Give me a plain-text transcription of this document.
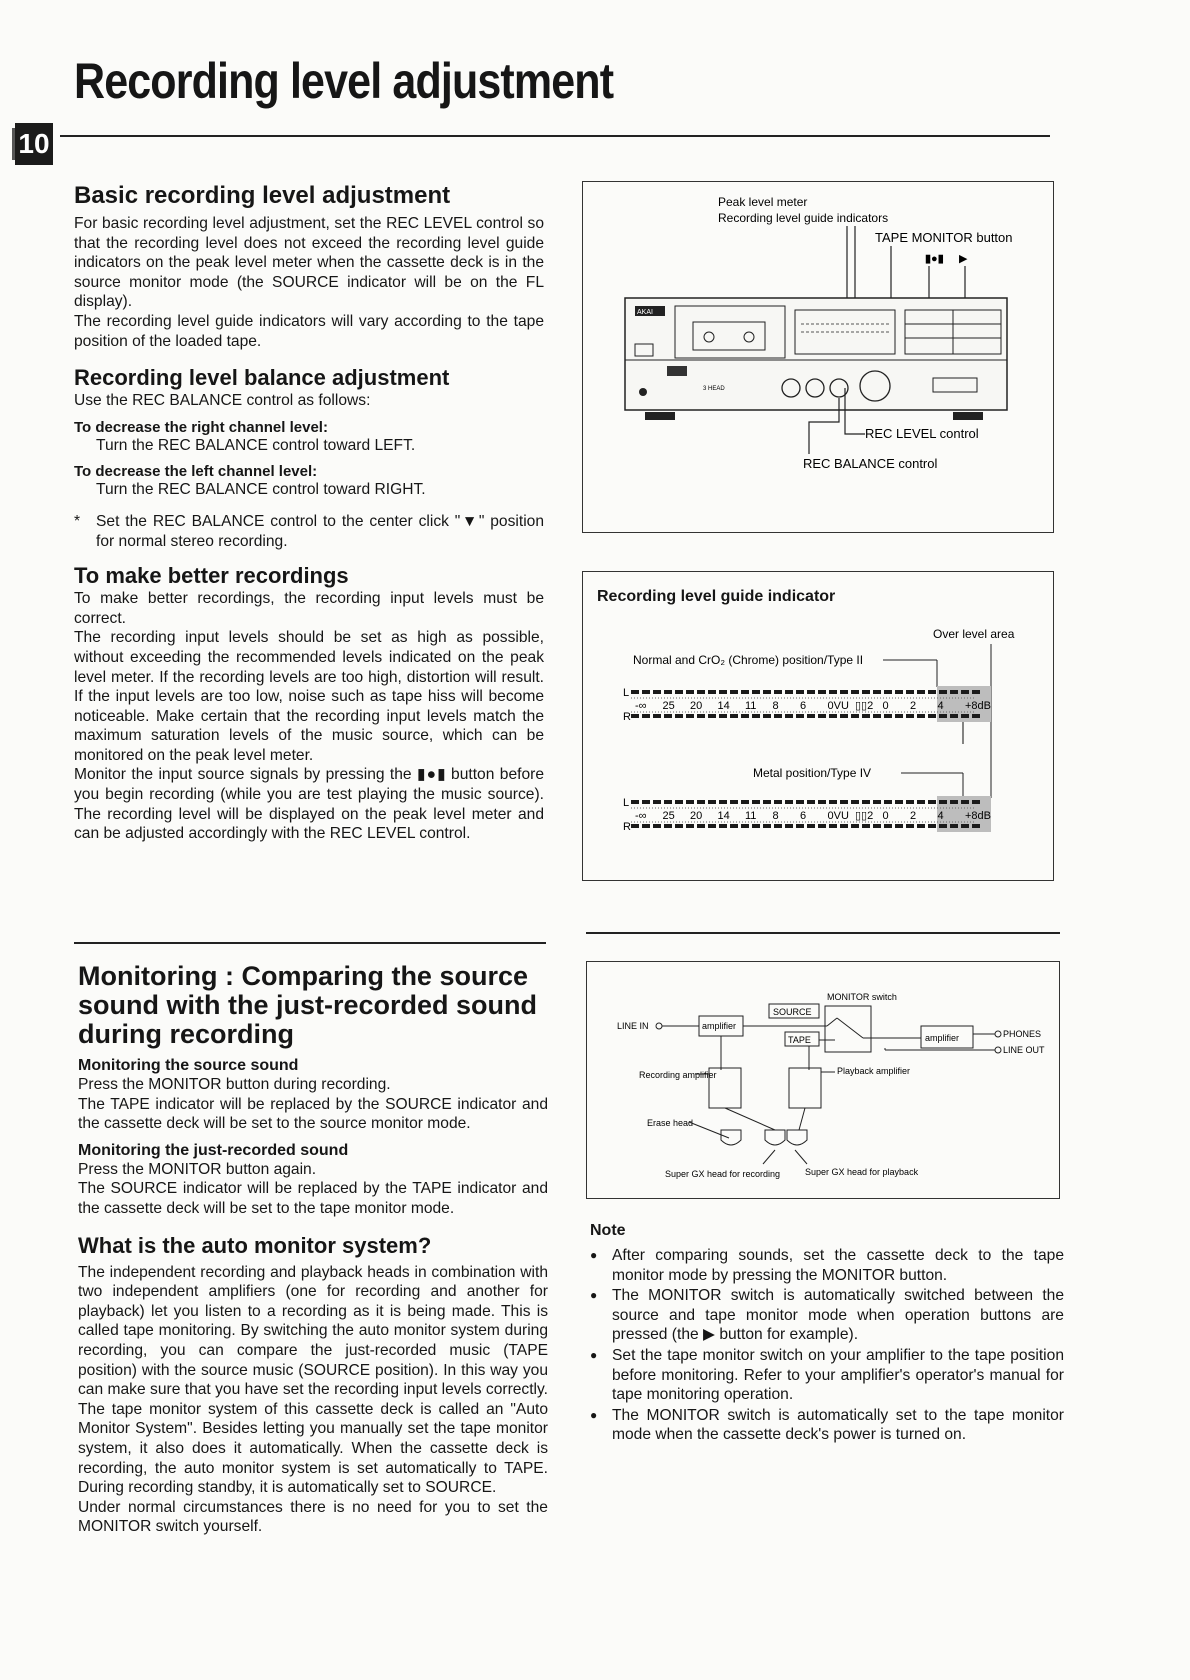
10
Recording level adjustment
Basic recording level adjustment
For basic recording level adjustment, set the REC LEVEL control so that the recording level does not exceed the recording level guide indicators on the peak level meter when the cassette deck is in the source monitor mode (the SOURCE indicator will be on the FL display).
The recording level guide indicators will vary according to the tape position of the loaded tape.
Recording level balance adjustment
Use the REC BALANCE control as follows:
To decrease the right channel level:
Turn the REC BALANCE control toward LEFT.
To decrease the left channel level:
Turn the REC BALANCE control toward RIGHT.
* Set the REC BALANCE control to the center click "▼" position for normal stereo recording.
To make better recordings
To make better recordings, the recording input levels must be correct.
The recording input levels should be set as high as possible, without exceeding the recommended levels indicated on the peak level meter. If the recording levels are too high, distortion will result. If the input levels are too low, noise such as tape hiss will become noticeable. Make certain that the recording input levels match the maximum saturation levels of the music source, which can be monitored on the peak level meter.
Monitor the input source signals by pressing the ▮●▮ button before you begin recording (while you are test playing the music source). The recording level will be displayed on the peak level meter and can be adjusted accordingly with the REC LEVEL control.
Monitoring : Comparing the source sound with the just-recorded sound during recording
Monitoring the source sound
Press the MONITOR button during recording.
The TAPE indicator will be replaced by the SOURCE indicator and the cassette deck will be set to the source monitor mode.
Monitoring the just-recorded sound
Press the MONITOR button again.
The SOURCE indicator will be replaced by the TAPE indicator and the cassette deck will be set to the tape monitor mode.
What is the auto monitor system?
The independent recording and playback heads in combination with two independent amplifiers (one for recording and another for playback) let you listen to a recording as it is being made. This is called tape monitoring. By switching the auto monitor system during recording, you can compare the just-recorded music (TAPE position) with the source music (SOURCE position). In this way you can make sure that you have set the recording input levels correctly. The tape monitor system of this cassette deck is called an "Auto Monitor System". Besides letting you manually set the tape monitor system, it also does it automatically. When the cassette deck is recording, the auto monitor system is set automatically to TAPE. During recording standby, it is automatically set to SOURCE.
Under normal circumstances there is no need for you to set the MONITOR switch yourself.
Peak level meter
Recording level guide indicators
TAPE MONITOR button
▮●▮ ▶
AKAI
3 HEAD
REC LEVEL control
REC BALANCE control
Recording level guide indicator
Over level area
Normal and CrO₂ (Chrome) position/Type II
Metal position/Type IV
L
R
-∞ 25 20 14 11 8 6 0VU ▯▯2 0 2 4 +8dB
L
R
-∞ 25 20 14 11 8 6 0VU ▯▯2 0 2 4 +8dB
MONITOR switch
SOURCE
TAPE
LINE IN	amplifier
amplifier	PHONES
LINE OUT
Recording amplifier	Playback amplifier
Erase head
Super GX head for recording	Super GX head for playback
Note
● After comparing sounds, set the cassette deck to the tape monitor mode by pressing the MONITOR button.
● The MONITOR switch is automatically switched between the source and tape monitor mode when operation buttons are pressed (the ▶ button for example).
● Set the tape monitor switch on your amplifier to the tape position before monitoring. Refer to your amplifier's operator's manual for tape monitoring operation.
● The MONITOR switch is automatically set to the tape monitor mode when the cassette deck's power is turned on.
